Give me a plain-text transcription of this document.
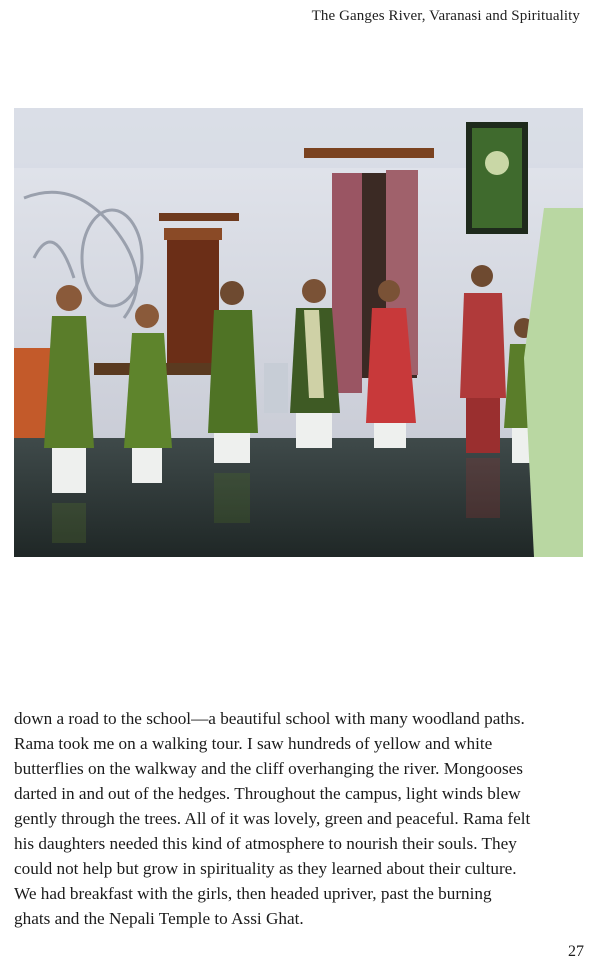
The Ganges River, Varanasi and Spirituality
down a road to the school—a beautiful school with many woodland paths.
Rama took me on a walking tour. I saw hundreds of yellow and white
butterflies on the walkway and the cliff overhanging the river. Mongooses
darted in and out of the hedges. Throughout the campus, light winds blew
gently through the trees. All of it was lovely, green and peaceful. Rama felt
his daughters needed this kind of atmosphere to nourish their souls. They
could not help but grow in spirituality as they learned about their culture.
We had breakfast with the girls, then headed upriver, past the burning
ghats and the Nepali Temple to Assi Ghat.
27
